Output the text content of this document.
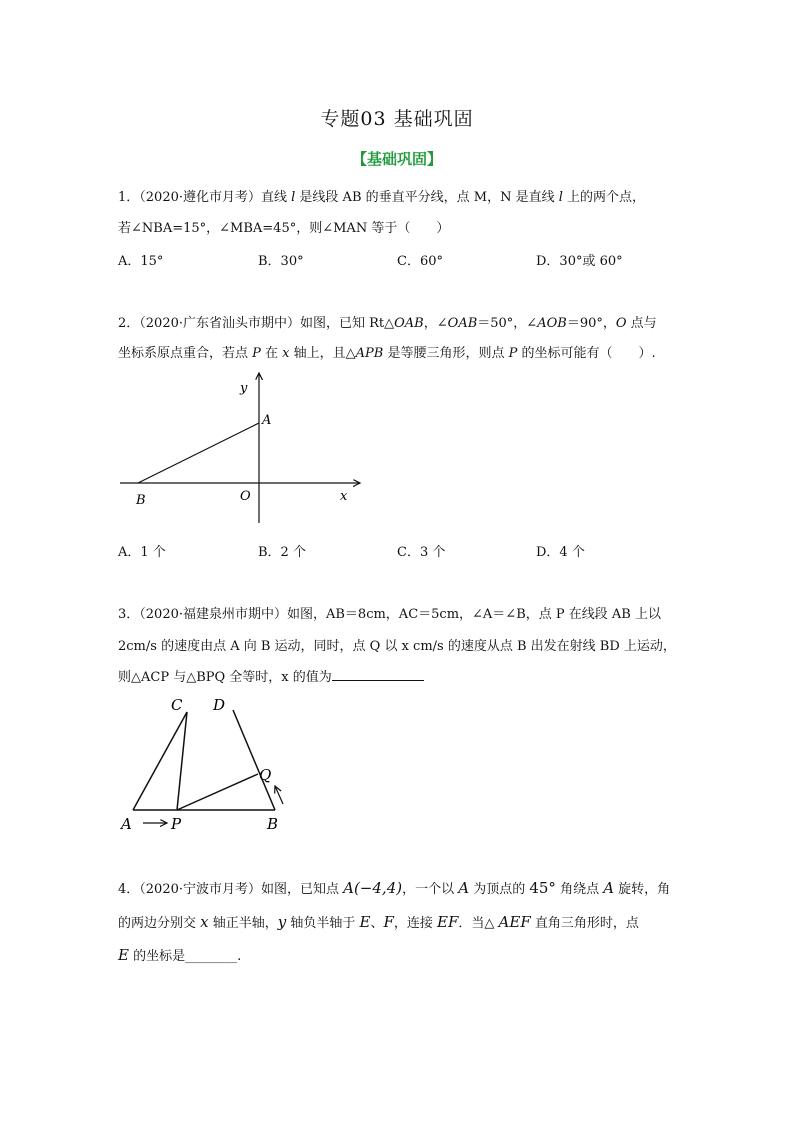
专题03 基础巩固
【基础巩固】
1．（2020·遵化市月考）直线 l 是线段 AB 的垂直平分线，点 M，N 是直线 l 上的两个点，
若∠NBA=15°，∠MBA=45°，则∠MAN 等于（　　）
A．15°	B．30°	C．60°	D．30°或 60°
2．（2020·广东省汕头市期中）如图，已知 Rt△OAB，∠OAB＝50°，∠AOB＝90°，O 点与
坐标系原点重合，若点 P 在 x 轴上，且△APB 是等腰三角形，则点 P 的坐标可能有（　　）.
y
A
B	O	x
A．1 个	B．2 个	C．3 个	D．4 个
3．（2020·福建泉州市期中）如图，AB＝8cm，AC＝5cm，∠A＝∠B，点 P 在线段 AB 上以
2cm/s 的速度由点 A 向 B 运动，同时，点 Q 以 x cm/s 的速度从点 B 出发在射线 BD 上运动，
则△ACP 与△BPQ 全等时，x 的值为
C D
Q
A	P	B
4．（2020·宁波市月考）如图，已知点 A(−4,4)，一个以 A 为顶点的 45° 角绕点 A 旋转，角
的两边分别交 x 轴正半轴，y 轴负半轴于 E、F，连接 EF．当△ AEF 直角三角形时，点
E 的坐标是________.
